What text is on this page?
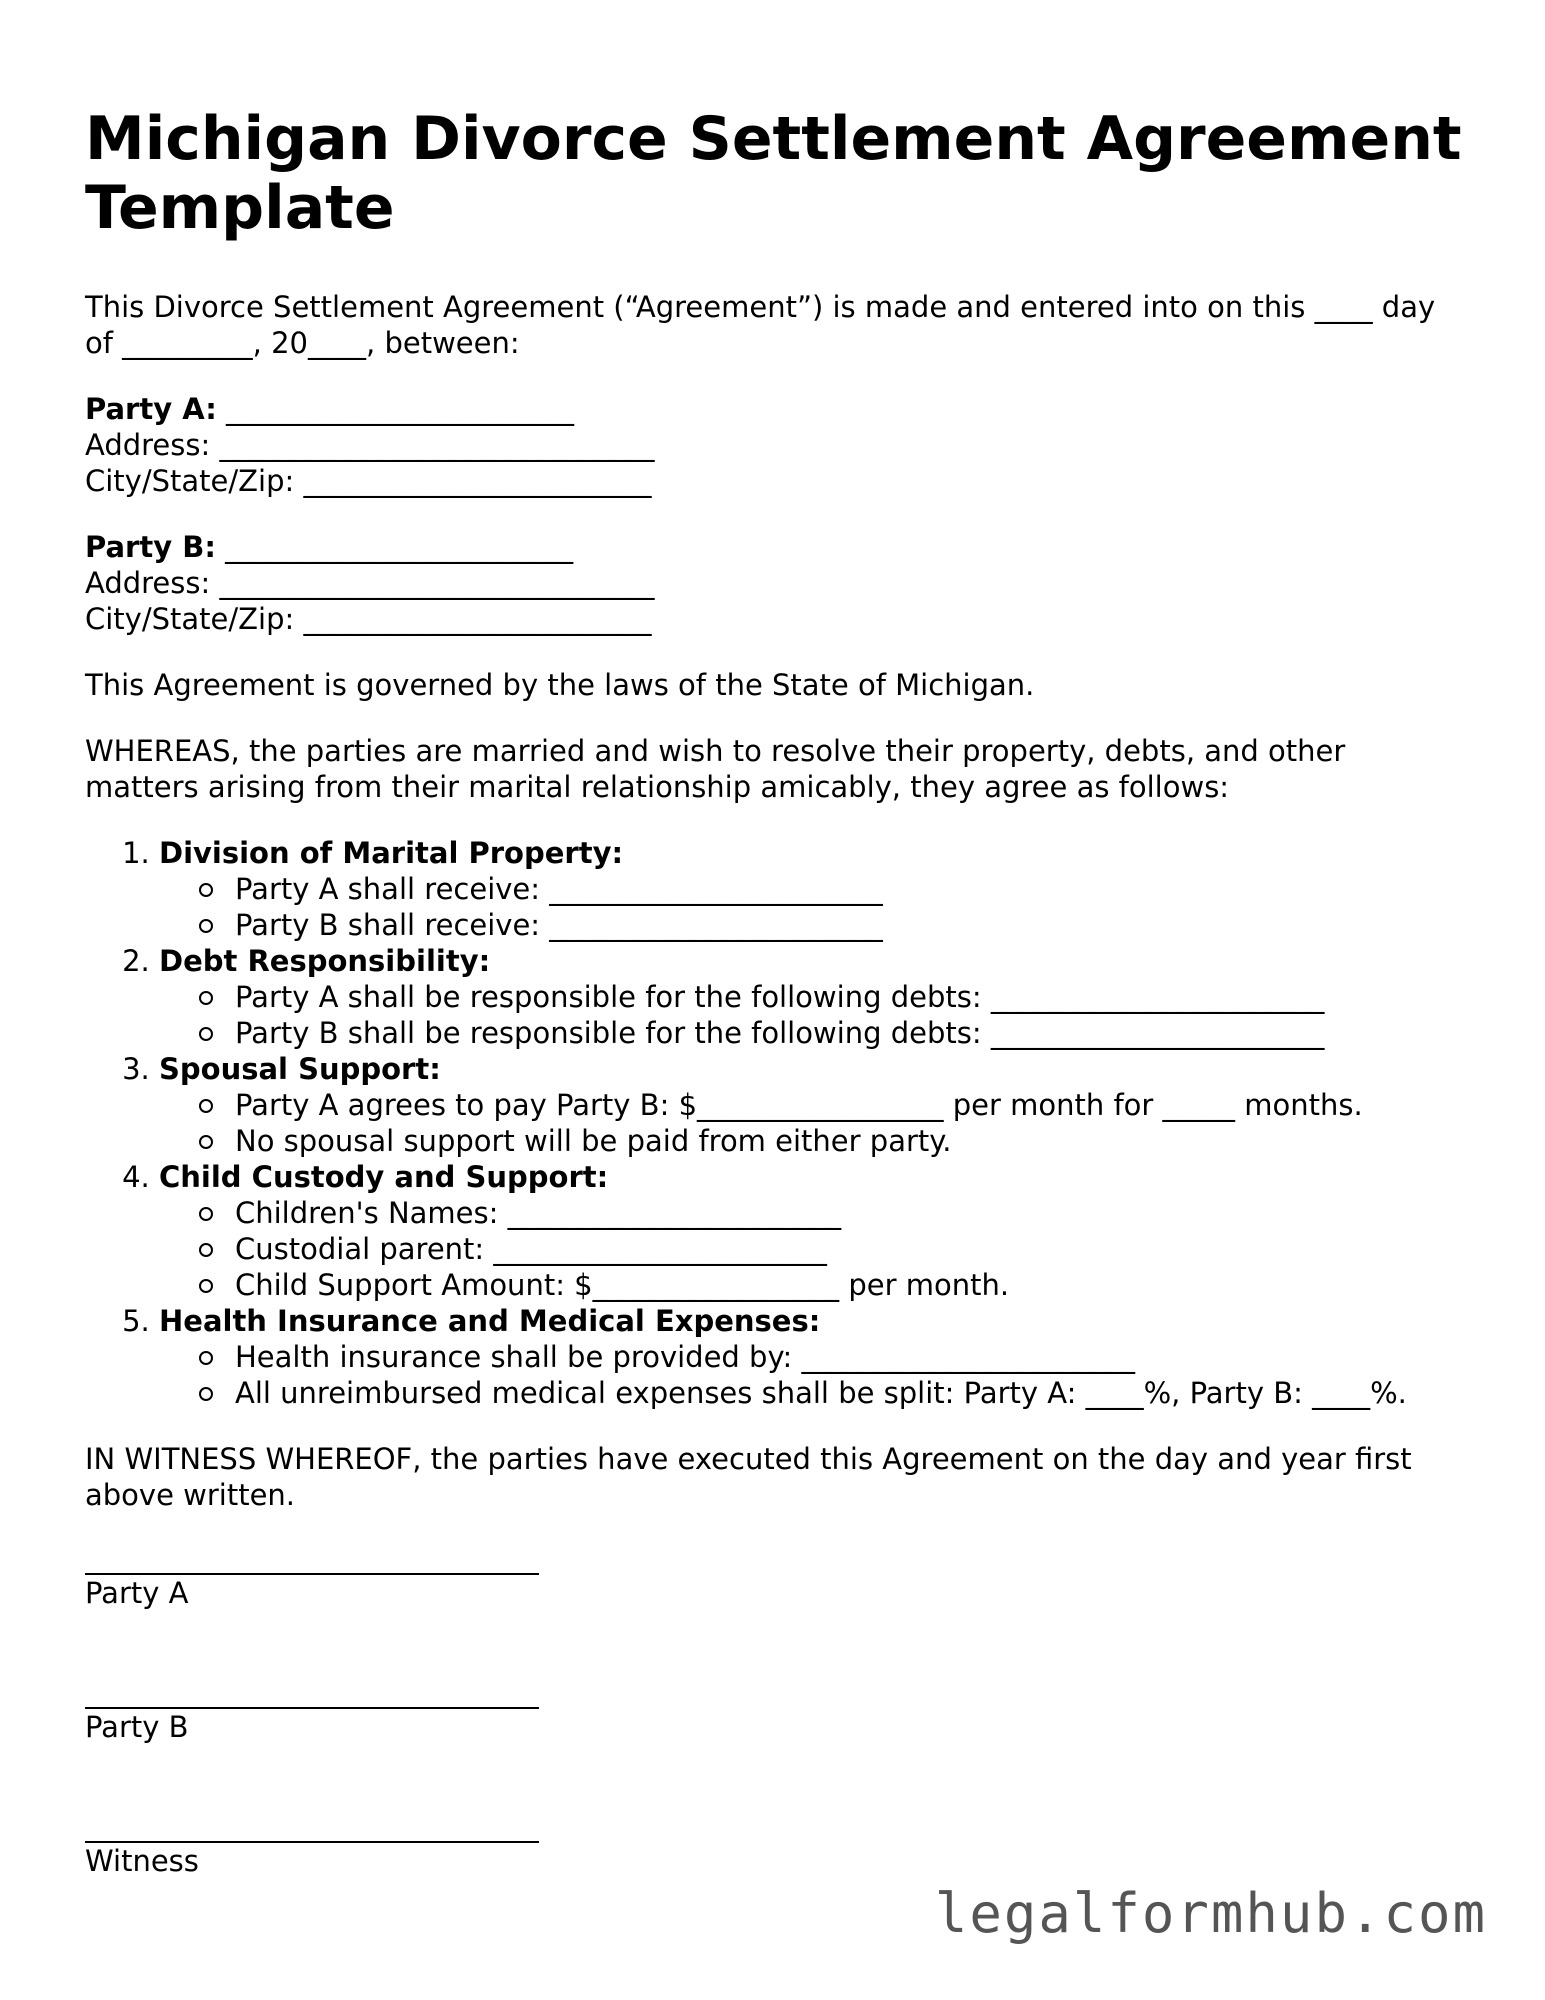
Michigan Divorce Settlement Agreement Template

This Divorce Settlement Agreement (“Agreement”) is made and entered into on this ____ day of _________, 20____, between:

Party A: ________________________
Address: ______________________________
City/State/Zip: ________________________
Party B: ________________________
Address: ______________________________
City/State/Zip: ________________________

This Agreement is governed by the laws of the State of Michigan.

WHEREAS, the parties are married and wish to resolve their property, debts, and other matters arising from their marital relationship amicably, they agree as follows:

1. Division of Marital Property:
Party A shall receive: _______________________
Party B shall receive: _______________________
2. Debt Responsibility:
Party A shall be responsible for the following debts: _______________________
Party B shall be responsible for the following debts: _______________________
3. Spousal Support:
Party A agrees to pay Party B: $_________________ per month for _____ months.
No spousal support will be paid from either party.
4. Child Custody and Support:
Children's Names: _______________________
Custodial parent: _______________________
Child Support Amount: $_________________ per month.
5. Health Insurance and Medical Expenses:
Health insurance shall be provided by: _______________________
All unreimbursed medical expenses shall be split: Party A: ____%, Party B: ____%.

IN WITNESS WHEREOF, the parties have executed this Agreement on the day and year first above written.

Party A
Party B
Witness
legalformhub.com
